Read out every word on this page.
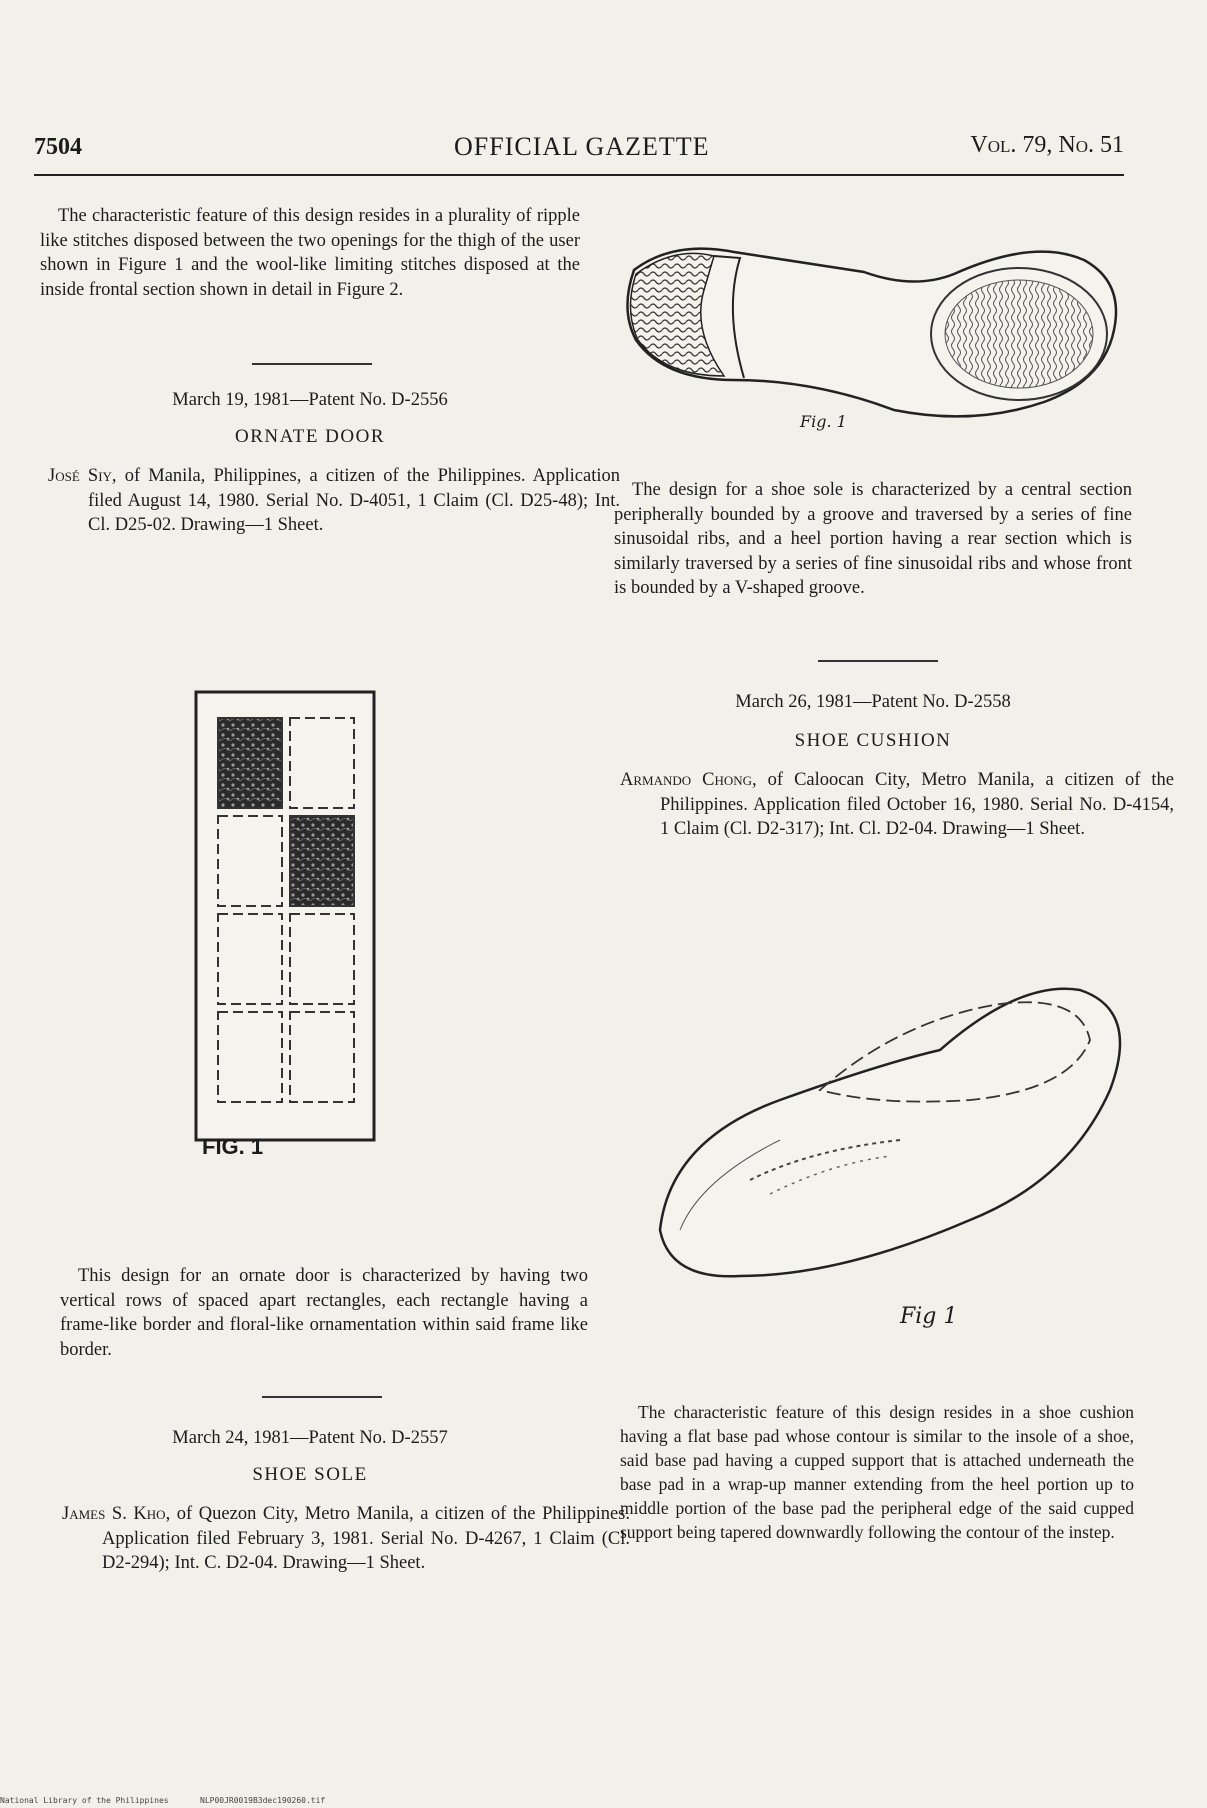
7504	OFFICIAL GAZETTE	Vol. 79, No. 51

The characteristic feature of this design resides in a plurality of ripple like stitches disposed between the two openings for the thigh of the user shown in Figure 1 and the wool-like limiting stitches disposed at the inside frontal section shown in detail in Figure 2.

March 19, 1981—Patent No. D-2556
ORNATE DOOR
José Siy, of Manila, Philippines, a citizen of the Philippines. Application filed August 14, 1980. Serial No. D-4051, 1 Claim (Cl. D25-48); Int. Cl. D25-02. Drawing—1 Sheet.
FIG. 1

This design for an ornate door is characterized by having two vertical rows of spaced apart rectangles, each rectangle having a frame-like border and floral-like ornamentation within said frame like border.

March 24, 1981—Patent No. D-2557
SHOE SOLE
James S. Kho, of Quezon City, Metro Manila, a citizen of the Philippines. Application filed February 3, 1981. Serial No. D-4267, 1 Claim (Cl. D2-294); Int. C. D2-04. Drawing—1 Sheet.
Fig. 1

The design for a shoe sole is characterized by a central section peripherally bounded by a groove and traversed by a series of fine sinusoidal ribs, and a heel portion having a rear section which is similarly traversed by a series of fine sinusoidal ribs and whose front is bounded by a V-shaped groove.

March 26, 1981—Patent No. D-2558
SHOE CUSHION
Armando Chong, of Caloocan City, Metro Manila, a citizen of the Philippines. Application filed October 16, 1980. Serial No. D-4154, 1 Claim (Cl. D2-317); Int. Cl. D2-04. Drawing—1 Sheet.
Fig 1

The characteristic feature of this design resides in a shoe cushion having a flat base pad whose contour is similar to the insole of a shoe, said base pad having a cupped support that is attached underneath the base pad in a wrap-up manner extending from the heel portion up to middle portion of the base pad the peripheral edge of the said cupped support being tapered downwardly following the contour of the instep.

National Library of the Philippines	NLP00JR0019B3dec190260.tif
